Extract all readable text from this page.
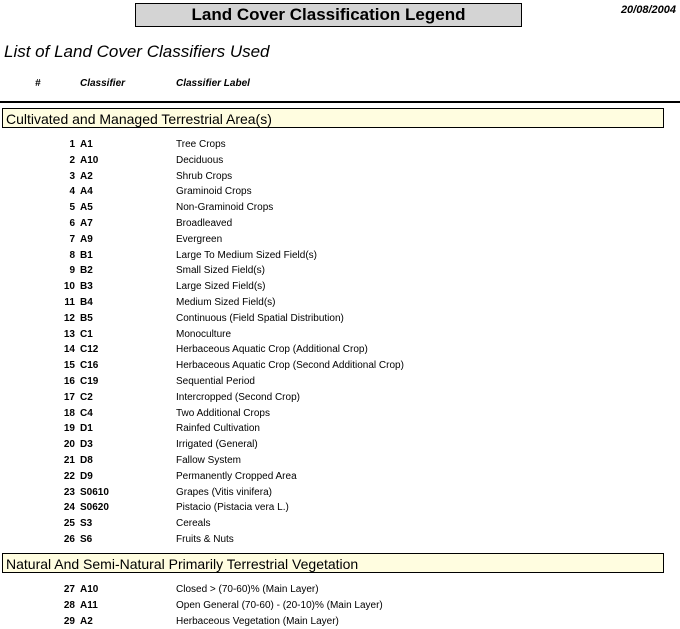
Land Cover Classification Legend	20/08/2004
List of Land Cover Classifiers Used
#	Classifier	Classifier Label
Cultivated and Managed Terrestrial Area(s)
1 A1	Tree Crops
2 A10	Deciduous
3 A2	Shrub Crops
4 A4	Graminoid Crops
5 A5	Non-Graminoid Crops
6 A7	Broadleaved
7 A9	Evergreen
8 B1	Large To Medium Sized Field(s)
9 B2	Small Sized Field(s)
10 B3	Large Sized Field(s)
11 B4	Medium Sized Field(s)
12 B5	Continuous (Field Spatial Distribution)
13 C1	Monoculture
14 C12	Herbaceous Aquatic Crop (Additional Crop)
15 C16	Herbaceous Aquatic Crop (Second Additional Crop)
16 C19	Sequential Period
17 C2	Intercropped (Second Crop)
18 C4	Two Additional Crops
19 D1	Rainfed Cultivation
20 D3	Irrigated (General)
21 D8	Fallow System
22 D9	Permanently Cropped Area
23 S0610	Grapes (Vitis vinifera)
24 S0620	Pistacio (Pistacia vera L.)
25 S3	Cereals
26 S6	Fruits & Nuts
Natural And Semi-Natural Primarily Terrestrial Vegetation
27 A10	Closed > (70-60)% (Main Layer)
28 A11	Open General (70-60) - (20-10)% (Main Layer)
29 A2	Herbaceous Vegetation (Main Layer)
